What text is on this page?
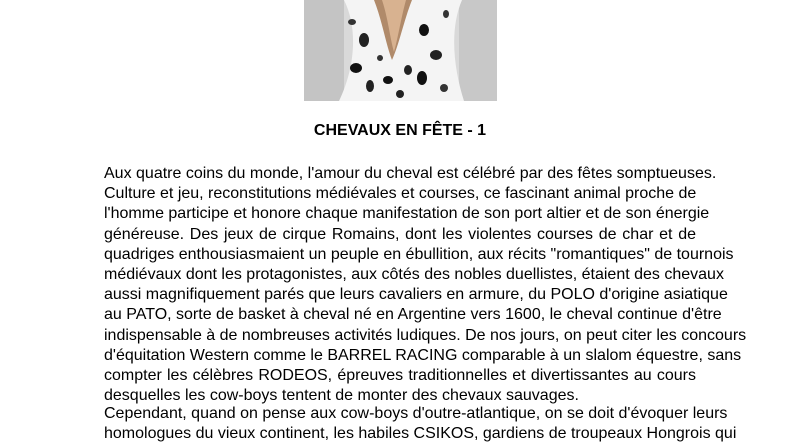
CHEVAUX EN FÊTE - 1

Aux quatre coins du monde, l'amour du cheval est célébré par des fêtes somptueuses.
Culture et jeu, reconstitutions médiévales et courses, ce fascinant animal proche de
l'homme participe et honore chaque manifestation de son port altier et de son énergie
généreuse. Des jeux de cirque Romains, dont les violentes courses de char et de
quadriges enthousiasmaient un peuple en ébullition, aux récits "romantiques" de tournois
médiévaux dont les protagonistes, aux côtés des nobles duellistes, étaient des chevaux
aussi magnifiquement parés que leurs cavaliers en armure, du POLO d'origine asiatique
au PATO, sorte de basket à cheval né en Argentine vers 1600, le cheval continue d'être
indispensable à de nombreuses activités ludiques. De nos jours, on peut citer les concours
d'équitation Western comme le BARREL RACING comparable à un slalom équestre, sans
compter les célèbres RODEOS, épreuves traditionnelles et divertissantes au cours
desquelles les cow-boys tentent de monter des chevaux sauvages.

Cependant, quand on pense aux cow-boys d'outre-atlantique, on se doit d'évoquer leurs
homologues du vieux continent, les habiles CSIKOS, gardiens de troupeaux Hongrois qui
